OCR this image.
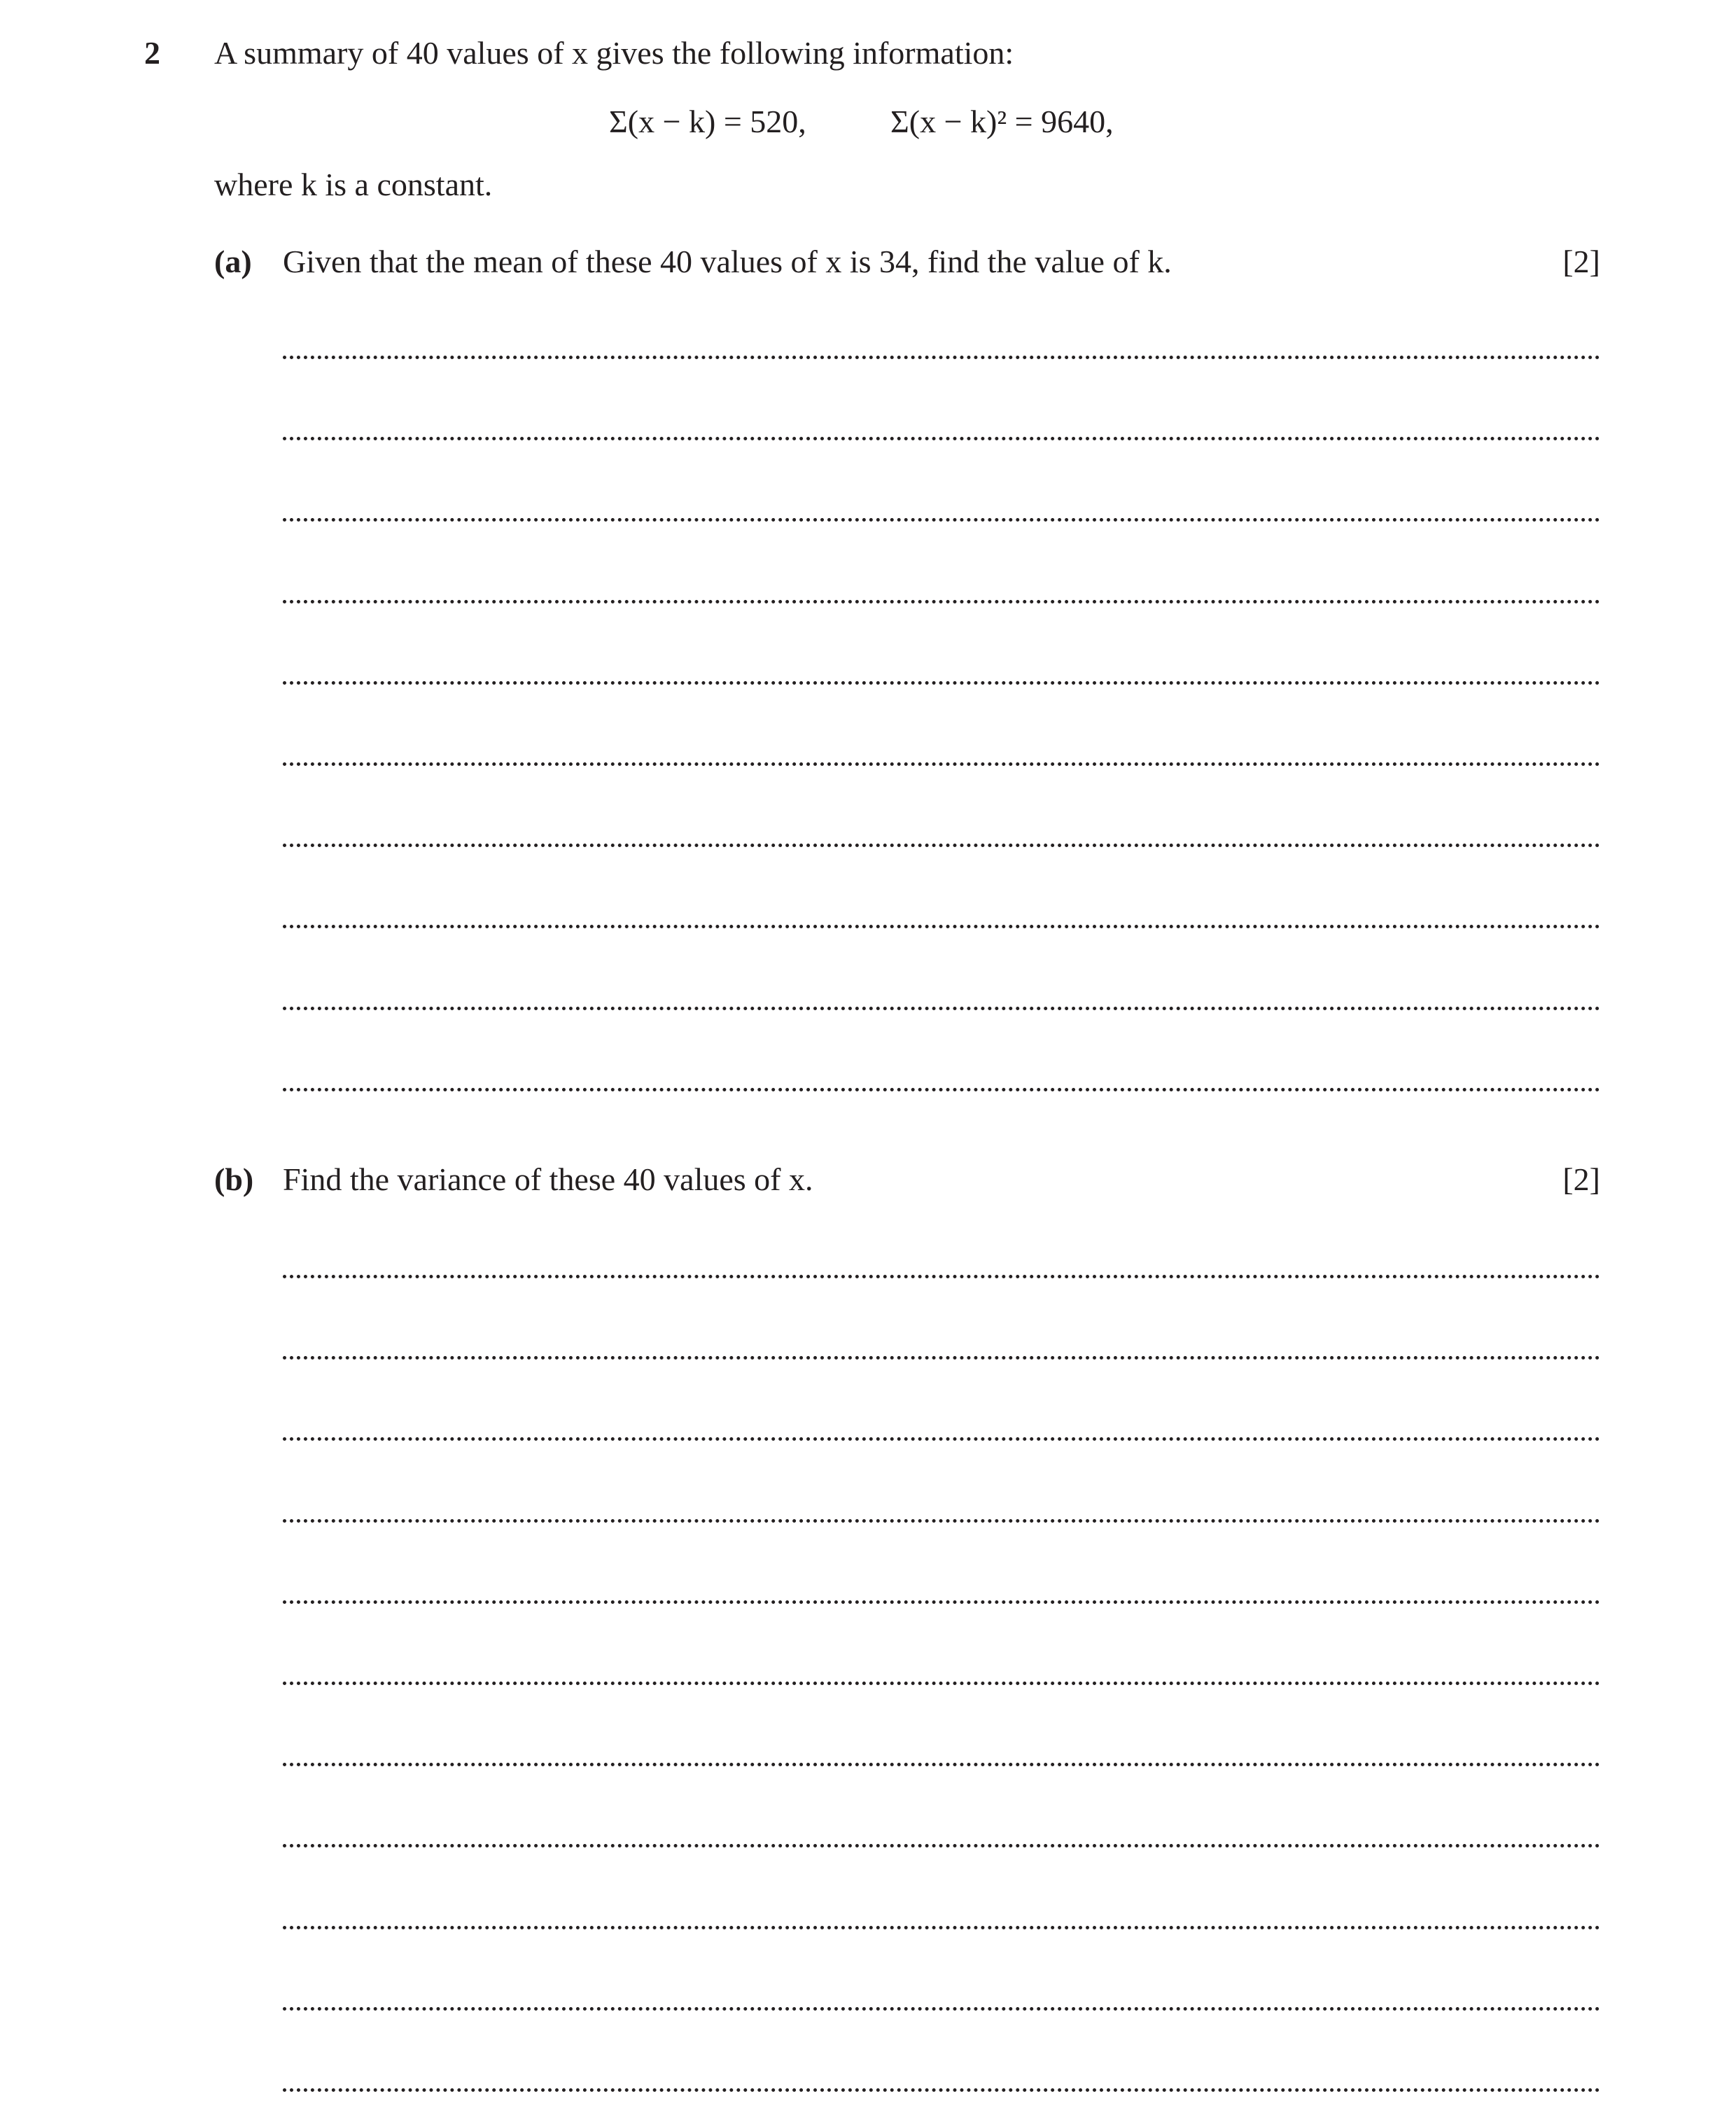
2 A summary of 40 values of x gives the following information:
Σ(x − k) = 520,	Σ(x − k)² = 9640,
where k is a constant.
(a) Given that the mean of these 40 values of x is 34, find the value of k.	[2]
(b) Find the variance of these 40 values of x.	[2]
